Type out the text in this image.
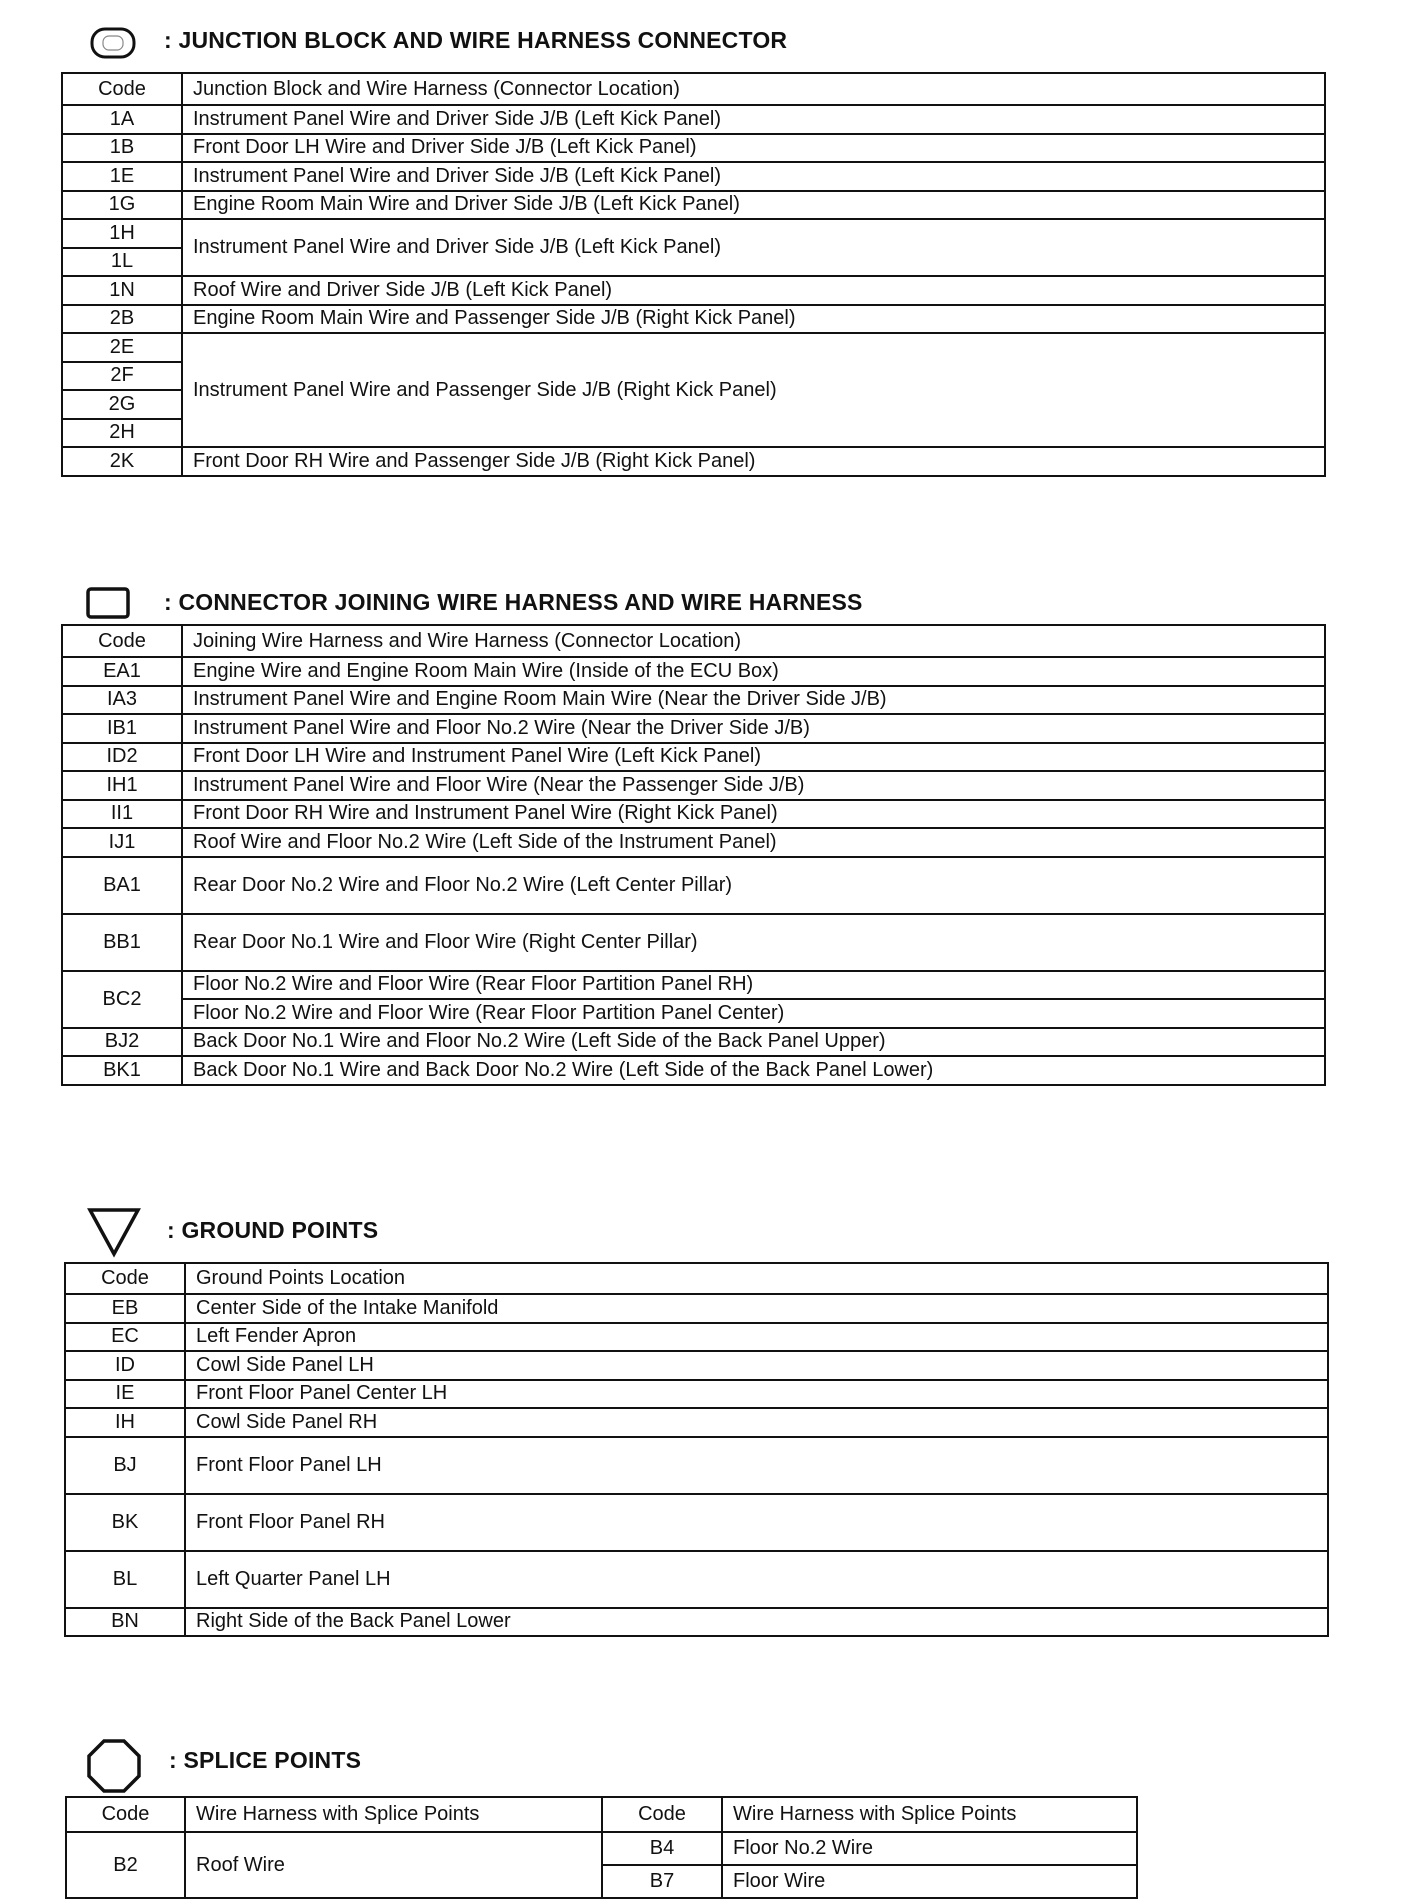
: JUNCTION BLOCK AND WIRE HARNESS CONNECTOR
Code	Junction Block and Wire Harness (Connector Location)
1A	Instrument Panel Wire and Driver Side J/B (Left Kick Panel)
1B	Front Door LH Wire and Driver Side J/B (Left Kick Panel)
1E	Instrument Panel Wire and Driver Side J/B (Left Kick Panel)
1G	Engine Room Main Wire and Driver Side J/B (Left Kick Panel)
1H	Instrument Panel Wire and Driver Side J/B (Left Kick Panel)
1L	
1N	Roof Wire and Driver Side J/B (Left Kick Panel)
2B	Engine Room Main Wire and Passenger Side J/B (Right Kick Panel)
2E	Instrument Panel Wire and Passenger Side J/B (Right Kick Panel)
2F	
2G	
2H	
2K	Front Door RH Wire and Passenger Side J/B (Right Kick Panel)
: CONNECTOR JOINING WIRE HARNESS AND WIRE HARNESS
Code	Joining Wire Harness and Wire Harness (Connector Location)
EA1	Engine Wire and Engine Room Main Wire (Inside of the ECU Box)
IA3	Instrument Panel Wire and Engine Room Main Wire (Near the Driver Side J/B)
IB1	Instrument Panel Wire and Floor No.2 Wire (Near the Driver Side J/B)
ID2	Front Door LH Wire and Instrument Panel Wire (Left Kick Panel)
IH1	Instrument Panel Wire and Floor Wire (Near the Passenger Side J/B)
II1	Front Door RH Wire and Instrument Panel Wire (Right Kick Panel)
IJ1	Roof Wire and Floor No.2 Wire (Left Side of the Instrument Panel)
BA1	Rear Door No.2 Wire and Floor No.2 Wire (Left Center Pillar)
BB1	Rear Door No.1 Wire and Floor Wire (Right Center Pillar)
BC2	Floor No.2 Wire and Floor Wire (Rear Floor Partition Panel RH)
	Floor No.2 Wire and Floor Wire (Rear Floor Partition Panel Center)
BJ2	Back Door No.1 Wire and Floor No.2 Wire (Left Side of the Back Panel Upper)
BK1	Back Door No.1 Wire and Back Door No.2 Wire (Left Side of the Back Panel Lower)
: GROUND POINTS
Code	Ground Points Location
EB	Center Side of the Intake Manifold
EC	Left Fender Apron
ID	Cowl Side Panel LH
IE	Front Floor Panel Center LH
IH	Cowl Side Panel RH
BJ	Front Floor Panel LH
BK	Front Floor Panel RH
BL	Left Quarter Panel LH
BN	Right Side of the Back Panel Lower
: SPLICE POINTS
Code	Wire Harness with Splice Points	Code	Wire Harness with Splice Points
B2	Roof Wire	B4	Floor No.2 Wire
		B7	Floor Wire
